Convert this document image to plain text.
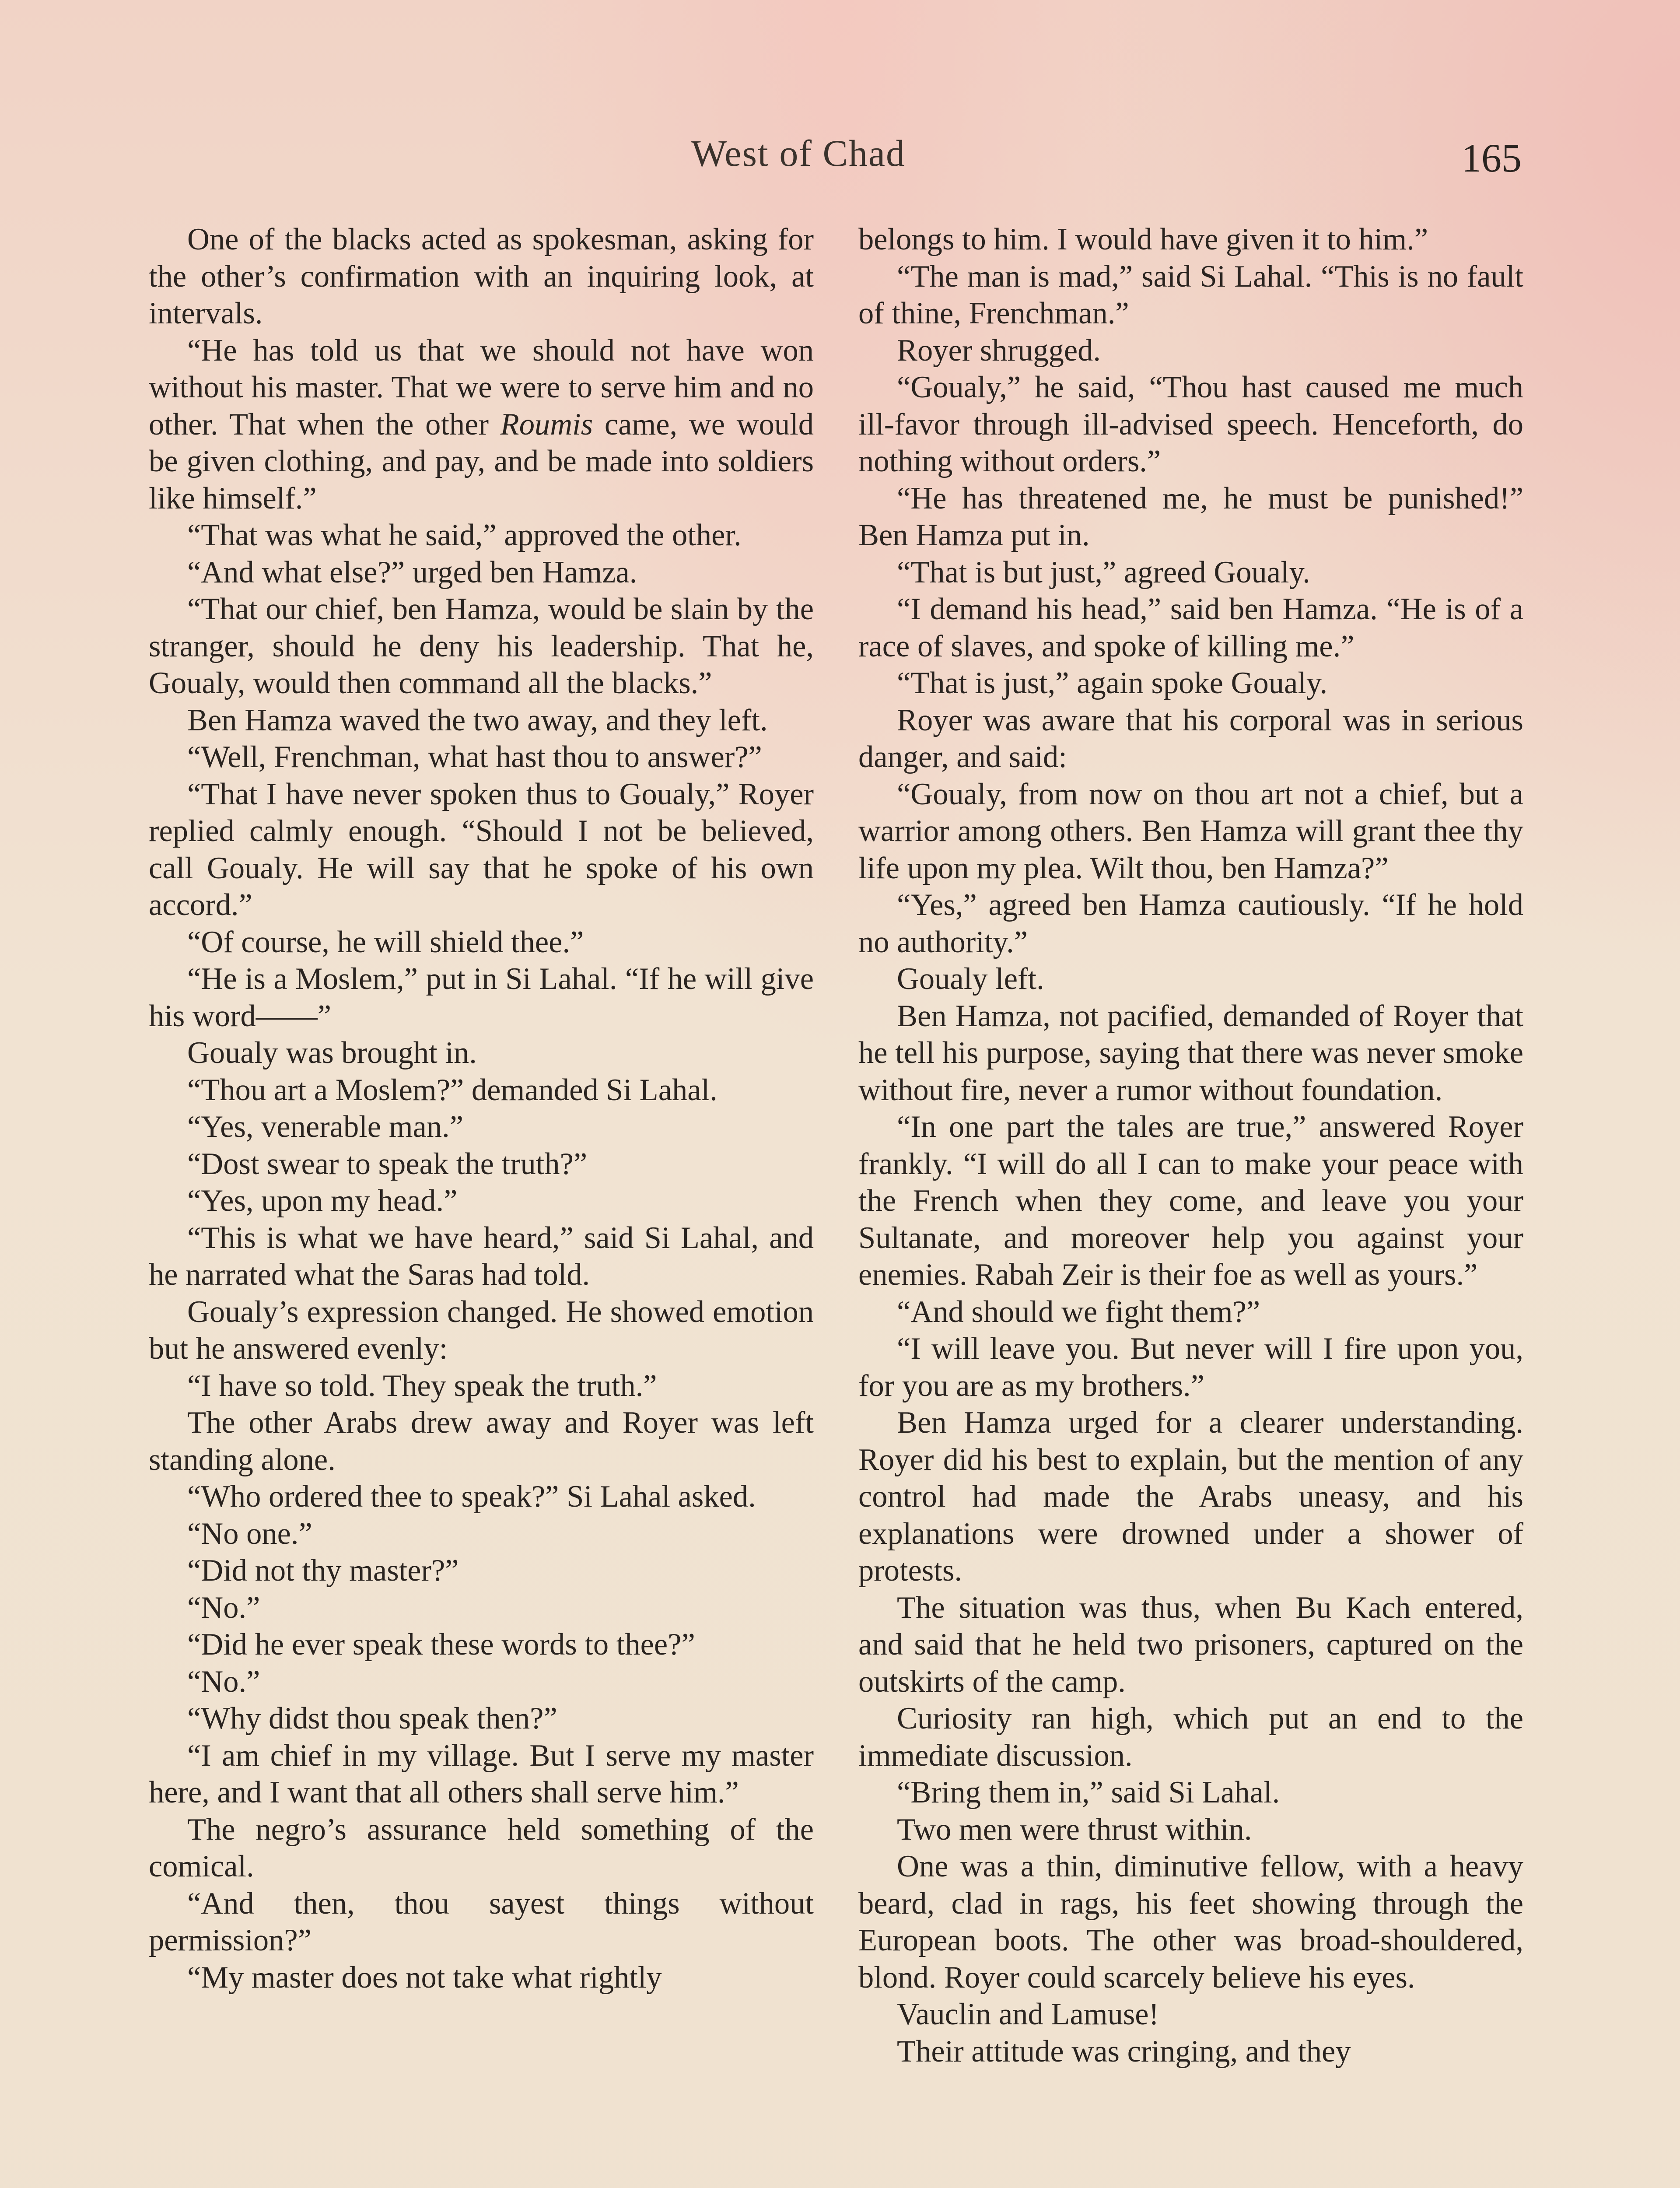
West of Chad	165

One of the blacks acted as spokesman, asking for the other’s confirmation with an inquiring look, at intervals.

“He has told us that we should not have won without his master. That we were to serve him and no other. That when the other Roumis came, we would be given clothing, and pay, and be made into soldiers like himself.”

“That was what he said,” approved the other.

“And what else?” urged ben Hamza.

“That our chief, ben Hamza, would be slain by the stranger, should he deny his leadership. That he, Goualy, would then command all the blacks.”

Ben Hamza waved the two away, and they left.

“Well, Frenchman, what hast thou to answer?”

“That I have never spoken thus to Goualy,” Royer replied calmly enough. “Should I not be believed, call Goualy. He will say that he spoke of his own accord.”

“Of course, he will shield thee.”

“He is a Moslem,” put in Si Lahal. “If he will give his word——”

Goualy was brought in.

“Thou art a Moslem?” demanded Si Lahal.

“Yes, venerable man.”

“Dost swear to speak the truth?”

“Yes, upon my head.”

“This is what we have heard,” said Si Lahal, and he narrated what the Saras had told.

Goualy’s expression changed. He showed emotion but he answered evenly:

“I have so told. They speak the truth.”

The other Arabs drew away and Royer was left standing alone.

“Who ordered thee to speak?” Si Lahal asked.

“No one.”

“Did not thy master?”

“No.”

“Did he ever speak these words to thee?”

“No.”

“Why didst thou speak then?”

“I am chief in my village. But I serve my master here, and I want that all others shall serve him.”

The negro’s assurance held something of the comical.

“And then, thou sayest things without permission?”

“My master does not take what rightly

belongs to him. I would have given it to him.”

“The man is mad,” said Si Lahal. “This is no fault of thine, Frenchman.”

Royer shrugged.

“Goualy,” he said, “Thou hast caused me much ill-favor through ill-advised speech. Henceforth, do nothing without orders.”

“He has threatened me, he must be punished!” Ben Hamza put in.

“That is but just,” agreed Goualy.

“I demand his head,” said ben Hamza. “He is of a race of slaves, and spoke of killing me.”

“That is just,” again spoke Goualy.

Royer was aware that his corporal was in serious danger, and said:

“Goualy, from now on thou art not a chief, but a warrior among others. Ben Hamza will grant thee thy life upon my plea. Wilt thou, ben Hamza?”

“Yes,” agreed ben Hamza cautiously. “If he hold no authority.”

Goualy left.

Ben Hamza, not pacified, demanded of Royer that he tell his purpose, saying that there was never smoke without fire, never a rumor without foundation.

“In one part the tales are true,” answered Royer frankly. “I will do all I can to make your peace with the French when they come, and leave you your Sultanate, and moreover help you against your enemies. Rabah Zeir is their foe as well as yours.”

“And should we fight them?”

“I will leave you. But never will I fire upon you, for you are as my brothers.”

Ben Hamza urged for a clearer understanding. Royer did his best to explain, but the mention of any control had made the Arabs uneasy, and his explanations were drowned under a shower of protests.

The situation was thus, when Bu Kach entered, and said that he held two prisoners, captured on the outskirts of the camp.

Curiosity ran high, which put an end to the immediate discussion.

“Bring them in,” said Si Lahal.

Two men were thrust within.

One was a thin, diminutive fellow, with a heavy beard, clad in rags, his feet showing through the European boots. The other was broad-shouldered, blond. Royer could scarcely believe his eyes.

Vauclin and Lamuse!

Their attitude was cringing, and they
